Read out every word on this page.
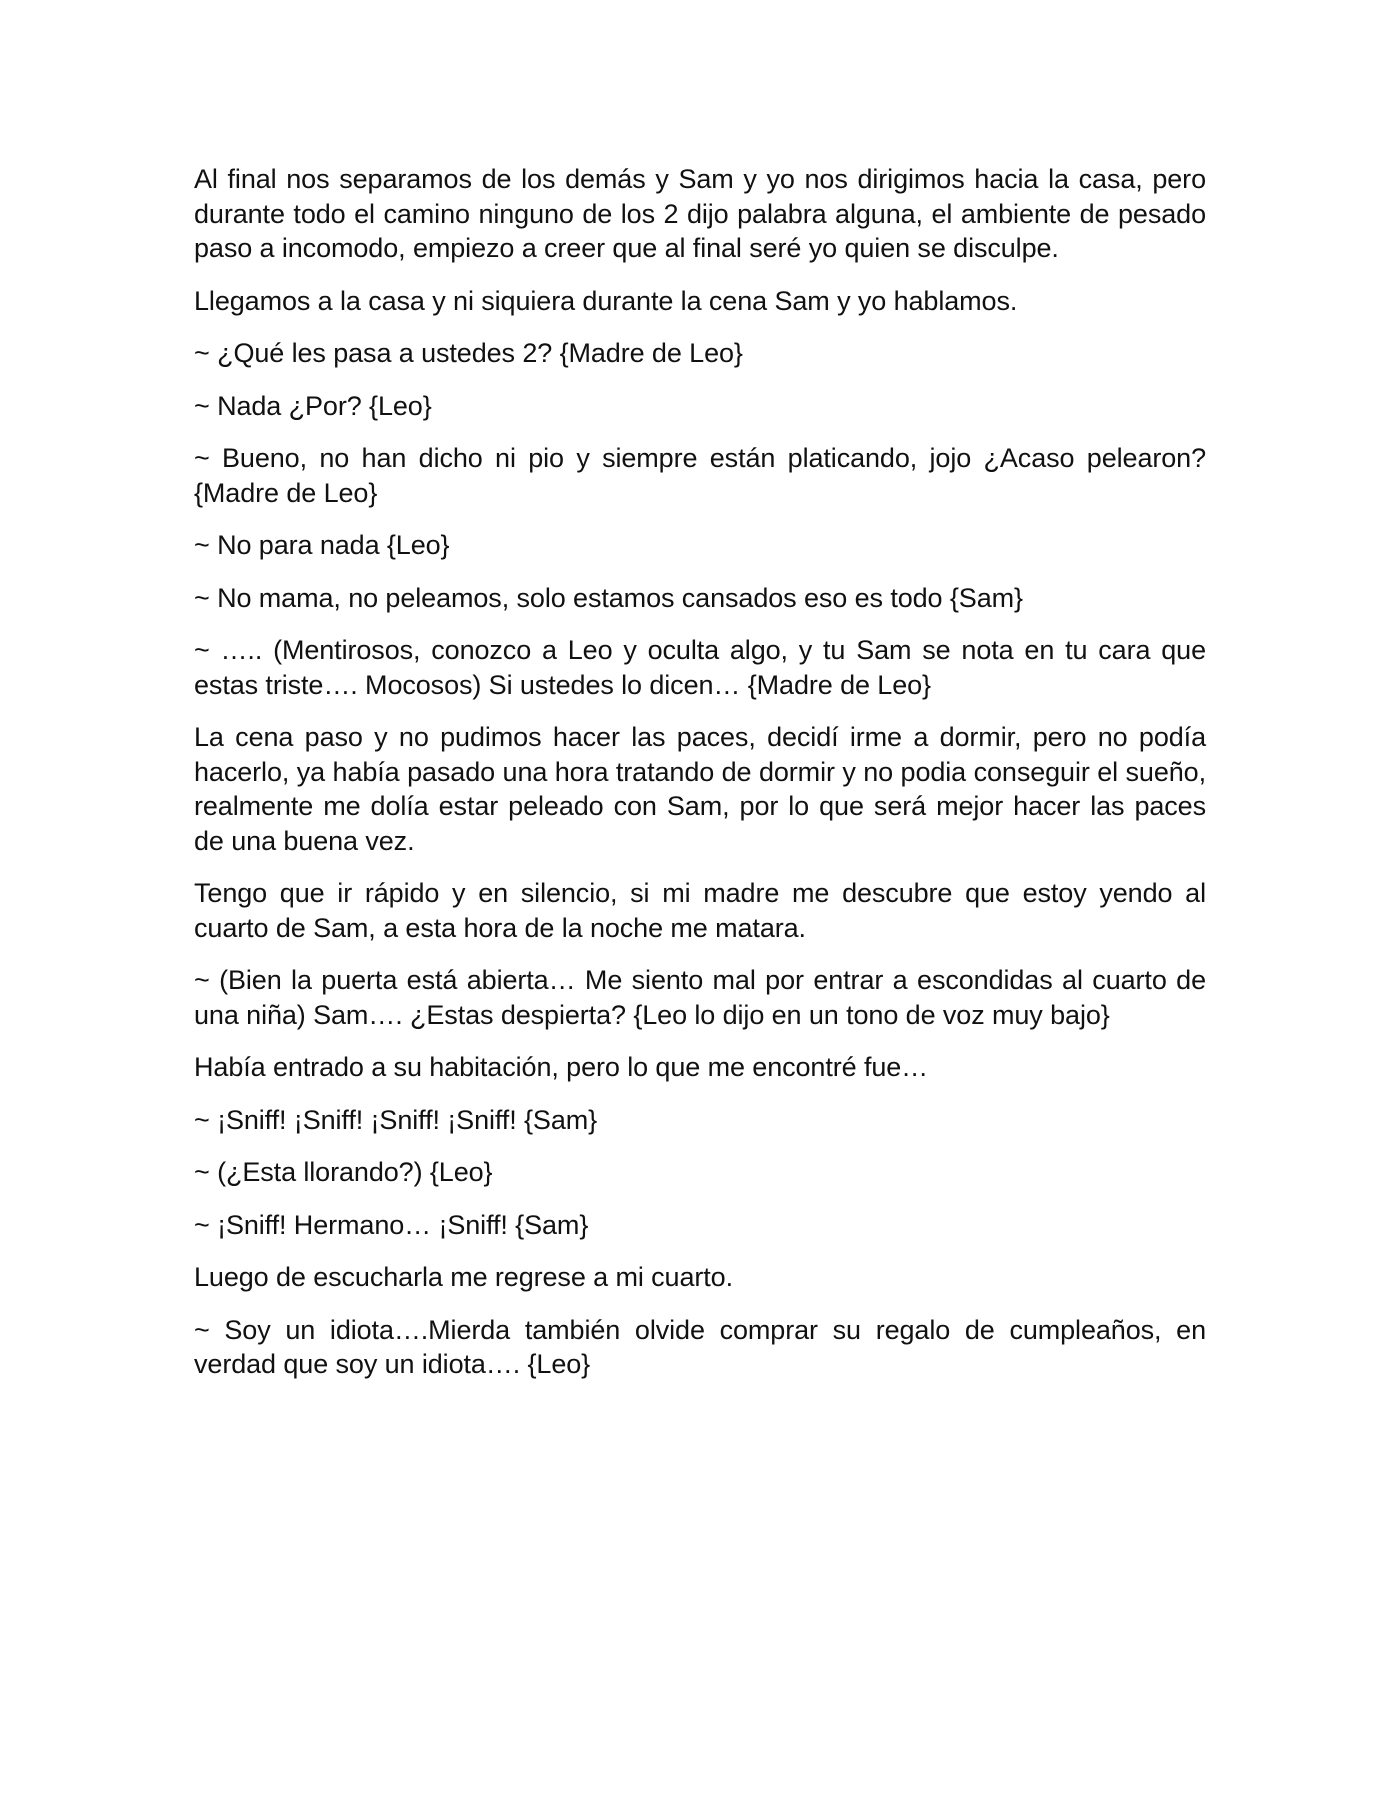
Al final nos separamos de los demás y Sam y yo nos dirigimos hacia la casa, pero durante todo el camino ninguno de los 2 dijo palabra alguna, el ambiente de pesado paso a incomodo, empiezo a creer que al final seré yo quien se disculpe.

Llegamos a la casa y ni siquiera durante la cena Sam y yo hablamos.

~ ¿Qué les pasa a ustedes 2? {Madre de Leo}

~ Nada ¿Por? {Leo}

~ Bueno, no han dicho ni pio y siempre están platicando, jojo ¿Acaso pelearon? {Madre de Leo}

~ No para nada {Leo}

~ No mama, no peleamos, solo estamos cansados eso es todo {Sam}

~ ….. (Mentirosos, conozco a Leo y oculta algo, y tu Sam se nota en tu cara que estas triste…. Mocosos) Si ustedes lo dicen… {Madre de Leo}

La cena paso y no pudimos hacer las paces, decidí irme a dormir, pero no podía hacerlo, ya había pasado una hora tratando de dormir y no podia conseguir el sueño, realmente me dolía estar peleado con Sam, por lo que será mejor hacer las paces de una buena vez.

Tengo que ir rápido y en silencio, si mi madre me descubre que estoy yendo al cuarto de Sam, a esta hora de la noche me matara.

~ (Bien la puerta está abierta… Me siento mal por entrar a escondidas al cuarto de una niña) Sam…. ¿Estas despierta? {Leo lo dijo en un tono de voz muy bajo}

Había entrado a su habitación, pero lo que me encontré fue…

~ ¡Sniff! ¡Sniff! ¡Sniff! ¡Sniff! {Sam}

~ (¿Esta llorando?) {Leo}

~ ¡Sniff! Hermano… ¡Sniff! {Sam}

Luego de escucharla me regrese a mi cuarto.

~ Soy un idiota….Mierda también olvide comprar su regalo de cumpleaños, en verdad que soy un idiota…. {Leo}
